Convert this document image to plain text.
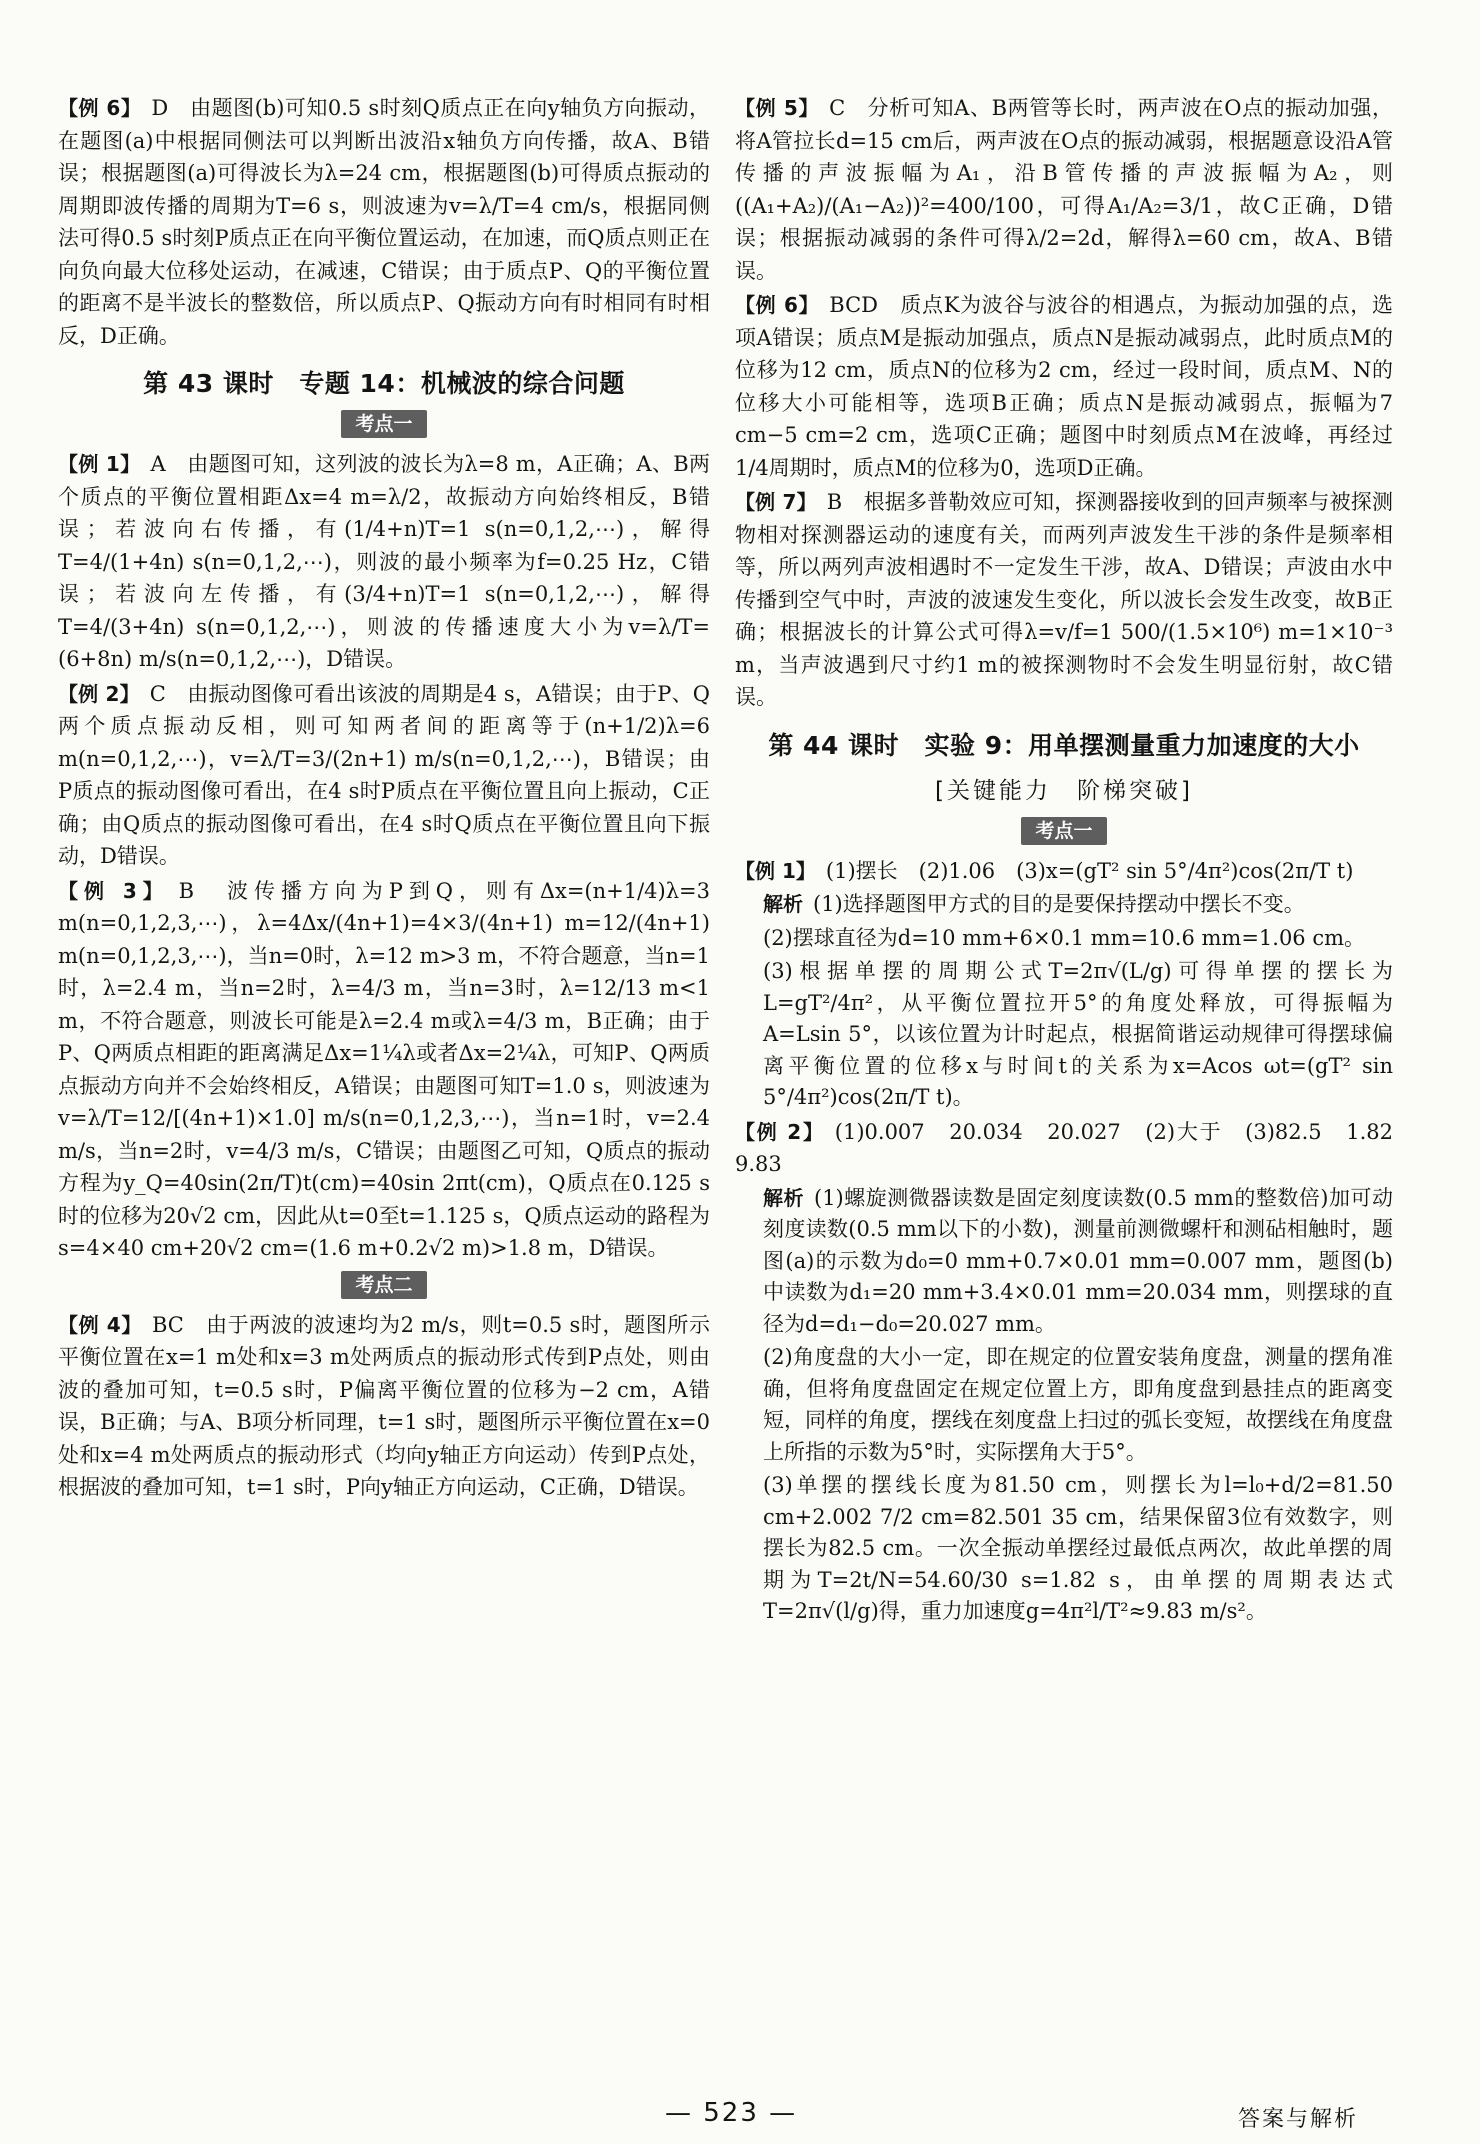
【例 6】 D　由题图(b)可知0.5 s时刻Q质点正在向y轴负方向振动，在题图(a)中根据同侧法可以判断出波沿x轴负方向传播，故A、B错误；根据题图(a)可得波长为λ=24 cm，根据题图(b)可得质点振动的周期即波传播的周期为T=6 s，则波速为v=λ/T=4 cm/s，根据同侧法可得0.5 s时刻P质点正在向平衡位置运动，在加速，而Q质点则正在向负向最大位移处运动，在减速，C错误；由于质点P、Q的平衡位置的距离不是半波长的整数倍，所以质点P、Q振动方向有时相同有时相反，D正确。

第 43 课时　专题 14：机械波的综合问题
考点一

【例 1】 A　由题图可知，这列波的波长为λ=8 m，A正确；A、B两个质点的平衡位置相距Δx=4 m=λ/2，故振动方向始终相反，B错误；若波向右传播，有(1/4+n)T=1 s(n=0,1,2,⋯)，解得T=4/(1+4n) s(n=0,1,2,⋯)，则波的最小频率为f=0.25 Hz，C错误；若波向左传播，有(3/4+n)T=1 s(n=0,1,2,⋯)，解得T=4/(3+4n) s(n=0,1,2,⋯)，则波的传播速度大小为v=λ/T=(6+8n) m/s(n=0,1,2,⋯)，D错误。

【例 2】 C　由振动图像可看出该波的周期是4 s，A错误；由于P、Q两个质点振动反相，则可知两者间的距离等于(n+1/2)λ=6 m(n=0,1,2,⋯)，v=λ/T=3/(2n+1) m/s(n=0,1,2,⋯)，B错误；由P质点的振动图像可看出，在4 s时P质点在平衡位置且向上振动，C正确；由Q质点的振动图像可看出，在4 s时Q质点在平衡位置且向下振动，D错误。

【例 3】 B　波传播方向为P到Q，则有Δx=(n+1/4)λ=3 m(n=0,1,2,3,⋯)，λ=4Δx/(4n+1)=4×3/(4n+1) m=12/(4n+1) m(n=0,1,2,3,⋯)，当n=0时，λ=12 m>3 m，不符合题意，当n=1时，λ=2.4 m，当n=2时，λ=4/3 m，当n=3时，λ=12/13 m<1 m，不符合题意，则波长可能是λ=2.4 m或λ=4/3 m，B正确；由于P、Q两质点相距的距离满足Δx=1¼λ或者Δx=2¼λ，可知P、Q两质点振动方向并不会始终相反，A错误；由题图可知T=1.0 s，则波速为v=λ/T=12/[(4n+1)×1.0] m/s(n=0,1,2,3,⋯)，当n=1时，v=2.4 m/s，当n=2时，v=4/3 m/s，C错误；由题图乙可知，Q质点的振动方程为y_Q=40sin(2π/T)t(cm)=40sin 2πt(cm)，Q质点在0.125 s时的位移为20√2 cm，因此从t=0至t=1.125 s，Q质点运动的路程为s=4×40 cm+20√2 cm=(1.6 m+0.2√2 m)>1.8 m，D错误。

考点二

【例 4】 BC　由于两波的波速均为2 m/s，则t=0.5 s时，题图所示平衡位置在x=1 m处和x=3 m处两质点的振动形式传到P点处，则由波的叠加可知，t=0.5 s时，P偏离平衡位置的位移为−2 cm，A错误，B正确；与A、B项分析同理，t=1 s时，题图所示平衡位置在x=0处和x=4 m处两质点的振动形式（均向y轴正方向运动）传到P点处，根据波的叠加可知，t=1 s时，P向y轴正方向运动，C正确，D错误。

【例 5】 C　分析可知A、B两管等长时，两声波在O点的振动加强，将A管拉长d=15 cm后，两声波在O点的振动减弱，根据题意设沿A管传播的声波振幅为A₁，沿B管传播的声波振幅为A₂，则((A₁+A₂)/(A₁−A₂))²=400/100，可得A₁/A₂=3/1，故C正确，D错误；根据振动减弱的条件可得λ/2=2d，解得λ=60 cm，故A、B错误。

【例 6】 BCD　质点K为波谷与波谷的相遇点，为振动加强的点，选项A错误；质点M是振动加强点，质点N是振动减弱点，此时质点M的位移为12 cm，质点N的位移为2 cm，经过一段时间，质点M、N的位移大小可能相等，选项B正确；质点N是振动减弱点，振幅为7 cm−5 cm=2 cm，选项C正确；题图中时刻质点M在波峰，再经过1/4周期时，质点M的位移为0，选项D正确。

【例 7】 B　根据多普勒效应可知，探测器接收到的回声频率与被探测物相对探测器运动的速度有关，而两列声波发生干涉的条件是频率相等，所以两列声波相遇时不一定发生干涉，故A、D错误；声波由水中传播到空气中时，声波的波速发生变化，所以波长会发生改变，故B正确；根据波长的计算公式可得λ=v/f=1 500/(1.5×10⁶) m=1×10⁻³ m，当声波遇到尺寸约1 m的被探测物时不会发生明显衍射，故C错误。

第 44 课时　实验 9：用单摆测量重力加速度的大小
[关键能力　阶梯突破]
考点一

【例 1】 (1)摆长　(2)1.06　(3)x=(gT² sin 5°/4π²)cos(2π/T t)

解析 (1)选择题图甲方式的目的是要保持摆动中摆长不变。

(2)摆球直径为d=10 mm+6×0.1 mm=10.6 mm=1.06 cm。

(3)根据单摆的周期公式T=2π√(L/g)可得单摆的摆长为L=gT²/4π²，从平衡位置拉开5°的角度处释放，可得振幅为A=Lsin 5°，以该位置为计时起点，根据简谐运动规律可得摆球偏离平衡位置的位移x与时间t的关系为x=Acos ωt=(gT² sin 5°/4π²)cos(2π/T t)。

【例 2】 (1)0.007　20.034　20.027　(2)大于　(3)82.5　1.82　9.83

解析 (1)螺旋测微器读数是固定刻度读数(0.5 mm的整数倍)加可动刻度读数(0.5 mm以下的小数)，测量前测微螺杆和测砧相触时，题图(a)的示数为d₀=0 mm+0.7×0.01 mm=0.007 mm，题图(b)中读数为d₁=20 mm+3.4×0.01 mm=20.034 mm，则摆球的直径为d=d₁−d₀=20.027 mm。

(2)角度盘的大小一定，即在规定的位置安装角度盘，测量的摆角准确，但将角度盘固定在规定位置上方，即角度盘到悬挂点的距离变短，同样的角度，摆线在刻度盘上扫过的弧长变短，故摆线在角度盘上所指的示数为5°时，实际摆角大于5°。

(3)单摆的摆线长度为81.50 cm，则摆长为l=l₀+d/2=81.50 cm+2.002 7/2 cm=82.501 35 cm，结果保留3位有效数字，则摆长为82.5 cm。一次全振动单摆经过最低点两次，故此单摆的周期为T=2t/N=54.60/30 s=1.82 s，由单摆的周期表达式T=2π√(l/g)得，重力加速度g=4π²l/T²≈9.83 m/s²。

— 523 —	答案与解析
